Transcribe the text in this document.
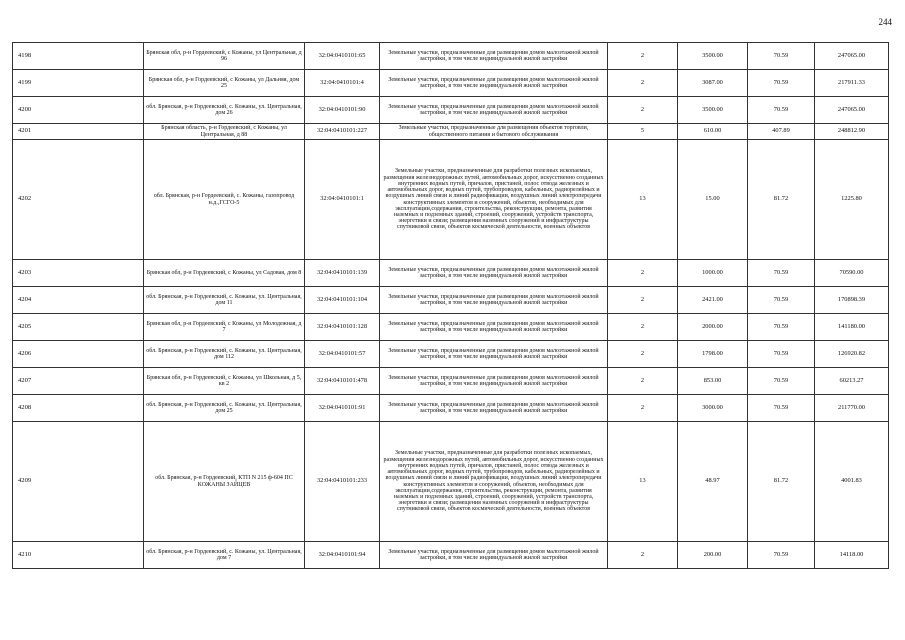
244
4198	Брянская обл, р-н Гордеевский, с Кожаны, ул Центральная, д 96	32:04:0410101:65	Земельные участки, предназначенные для размещения домов малоэтажной жилой застройки, в том числе индивидуальной жилой застройки	2	3500.00	70.59	247065.00
4199	Брянская обл, р-н Гордеевский, с Кожаны, ул Дальняя, дом 25	32:04:0410101:4	Земельные участки, предназначенные для размещения домов малоэтажной жилой застройки, в том числе индивидуальной жилой застройки	2	3087.00	70.59	217911.33
4200	обл. Брянская, р-н Гордеевский, с. Кожаны, ул. Центральная, дом 26	32:04:0410101:90	Земельные участки, предназначенные для размещения домов малоэтажной жилой застройки, в том числе индивидуальной жилой застройки	2	3500.00	70.59	247065.00
4201	Брянская область, р-н Гордеевский, с Кожаны, ул Центральная, д 88	32:04:0410101:227	Земельные участки, предназначенные для размещения объектов торговли, общественного питания и бытового обслуживания	5	610.00	407.89	248812.90
4202	обл. Брянская, р-н Гордеевский, с. Кожаны, газопровод н.д.,ГСГО-5	32:04:0410101:1	Земельные участки, предназначенные для разработки полезных ископаемых, размещения железнодорожных путей, автомобильных дорог, искусственно созданных внутренних водных путей, причалов, пристаней, полос отвода железных и автомобильных дорог, водных путей, трубопроводов, кабельных, радиорелейных и воздушных линий связи и линий радиофикации, воздушных линий электропередачи конструктивных элементов и сооружений, объектов, необходимых для эксплуатации,содержания, строительства, реконструкции, ремонта, развития наземных и подземных зданий, строений, сооружений, устройств транспорта, энергетики и связи; размещения наземных сооружений и инфраструктуры спутниковой связи, объектов космической деятельности, военных объектов	13	15.00	81.72	1225.80
4203	Брянская обл, р-н Гордеевский, с Кожаны, ул Садовая, дом 8	32:04:0410101:139	Земельные участки, предназначенные для размещения домов малоэтажной жилой застройки, в том числе индивидуальной жилой застройки	2	1000.00	70.59	70590.00
4204	обл. Брянская, р-н Гордеевский, с. Кожаны, ул. Центральная, дом 11	32:04:0410101:104	Земельные участки, предназначенные для размещения домов малоэтажной жилой застройки, в том числе индивидуальной жилой застройки	2	2421.00	70.59	170898.39
4205	Брянская обл, р-н Гордеевский, с Кожаны, ул Молодежная, д 7	32:04:0410101:128	Земельные участки, предназначенные для размещения домов малоэтажной жилой застройки, в том числе индивидуальной жилой застройки	2	2000.00	70.59	141180.00
4206	обл. Брянская, р-н Гордеевский, с. Кожаны, ул. Центральная, дом 112	32:04:0410101:57	Земельные участки, предназначенные для размещения домов малоэтажной жилой застройки, в том числе индивидуальной жилой застройки	2	1798.00	70.59	126920.82
4207	Брянская обл, р-н Гордеевский, с Кожаны, ул Школьная, д 5, кв 2	32:04:0410101:478	Земельные участки, предназначенные для размещения домов малоэтажной жилой застройки, в том числе индивидуальной жилой застройки	2	853.00	70.59	60213.27
4208	обл. Брянская, р-н Гордеевский, с. Кожаны, ул. Центральная, дом 25	32:04:0410101:91	Земельные участки, предназначенные для размещения домов малоэтажной жилой застройки, в том числе индивидуальной жилой застройки	2	3000.00	70.59	211770.00
4209	обл. Брянская, р-н Гордеевский, КТП N 215 ф-604 ПС КОЖАНЫ ЗАЙЦЕВ	32:04:0410101:233	Земельные участки, предназначенные для разработки полезных ископаемых, размещения железнодорожных путей, автомобильных дорог, искусственно созданных внутренних водных путей, причалов, пристаней, полос отвода железных и автомобильных дорог, водных путей, трубопроводов, кабельных, радиорелейных и воздушных линий связи и линий радиофикации, воздушных линий электропередачи конструктивных элементов и сооружений, объектов, необходимых для эксплуатации,содержания, строительства, реконструкции, ремонта, развития наземных и подземных зданий, строений, сооружений, устройств транспорта, энергетики и связи; размещения наземных сооружений и инфраструктуры спутниковой связи, объектов космической деятельности, военных объектов	13	48.97	81.72	4001.83
4210	обл. Брянская, р-н Гордеевский, с. Кожаны, ул. Центральная, дом 7	32:04:0410101:94	Земельные участки, предназначенные для размещения домов малоэтажной жилой застройки, в том числе индивидуальной жилой застройки	2	200.00	70.59	14118.00
